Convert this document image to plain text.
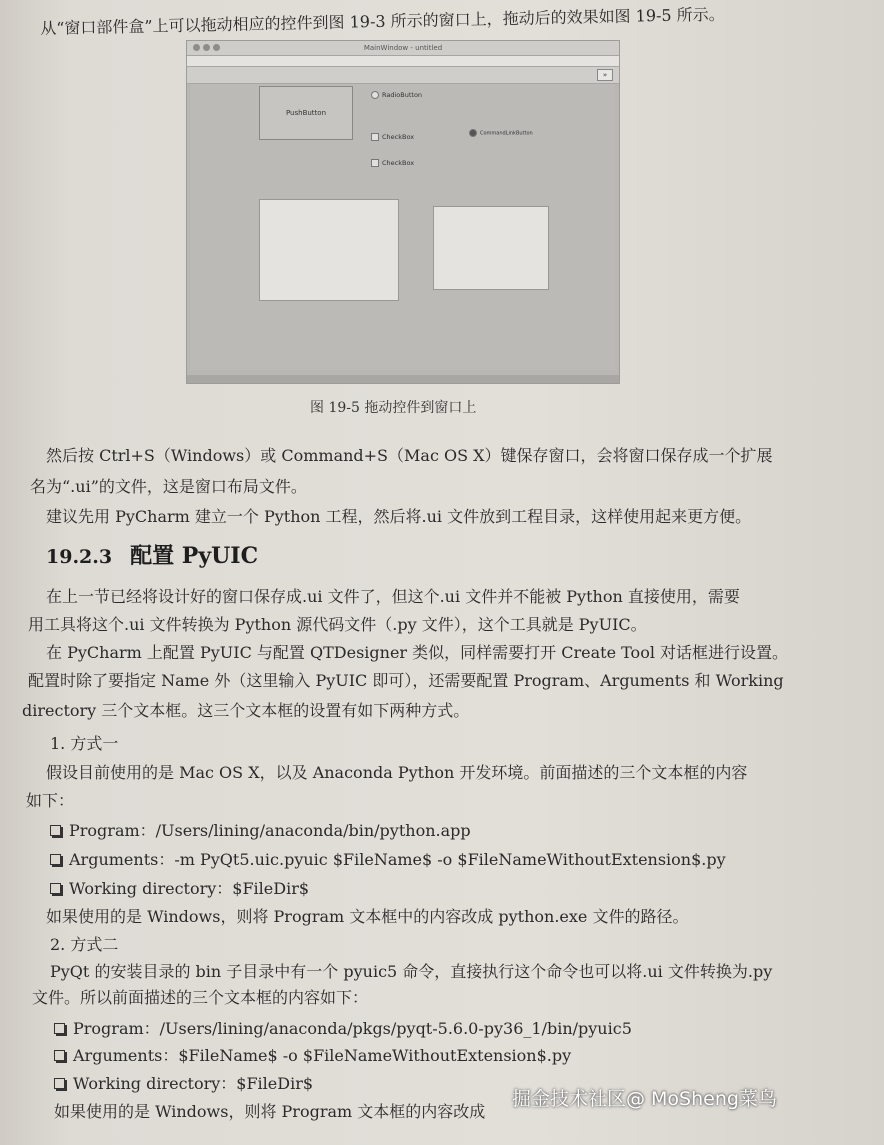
从“窗口部件盒”上可以拖动相应的控件到图 19-3 所示的窗口上，拖动后的效果如图 19-5 所示。
MainWindow - untitled
»
PushButton
RadioButton
CheckBox
CheckBox
CommandLinkButton
图 19-5 拖动控件到窗口上
然后按 Ctrl+S（Windows）或 Command+S（Mac OS X）键保存窗口，会将窗口保存成一个扩展
名为“.ui”的文件，这是窗口布局文件。
建议先用 PyCharm 建立一个 Python 工程，然后将.ui 文件放到工程目录，这样使用起来更方便。
19.2.3 配置 PyUIC
在上一节已经将设计好的窗口保存成.ui 文件了，但这个.ui 文件并不能被 Python 直接使用，需要
用工具将这个.ui 文件转换为 Python 源代码文件（.py 文件），这个工具就是 PyUIC。
在 PyCharm 上配置 PyUIC 与配置 QTDesigner 类似，同样需要打开 Create Tool 对话框进行设置。
配置时除了要指定 Name 外（这里输入 PyUIC 即可），还需要配置 Program、Arguments 和 Working
directory 三个文本框。这三个文本框的设置有如下两种方式。
1. 方式一
假设目前使用的是 Mac OS X，以及 Anaconda Python 开发环境。前面描述的三个文本框的内容
如下：
Program：/Users/lining/anaconda/bin/python.app
Arguments：-m PyQt5.uic.pyuic $FileName$ -o $FileNameWithoutExtension$.py
Working directory：$FileDir$
如果使用的是 Windows，则将 Program 文本框中的内容改成 python.exe 文件的路径。
2. 方式二
PyQt 的安装目录的 bin 子目录中有一个 pyuic5 命令，直接执行这个命令也可以将.ui 文件转换为.py
文件。所以前面描述的三个文本框的内容如下：
Program：/Users/lining/anaconda/pkgs/pyqt-5.6.0-py36_1/bin/pyuic5
Arguments：$FileName$ -o $FileNameWithoutExtension$.py
Working directory：$FileDir$
如果使用的是 Windows，则将 Program 文本框的内容改成
掘金技术社区@ MoSheng菜鸟
